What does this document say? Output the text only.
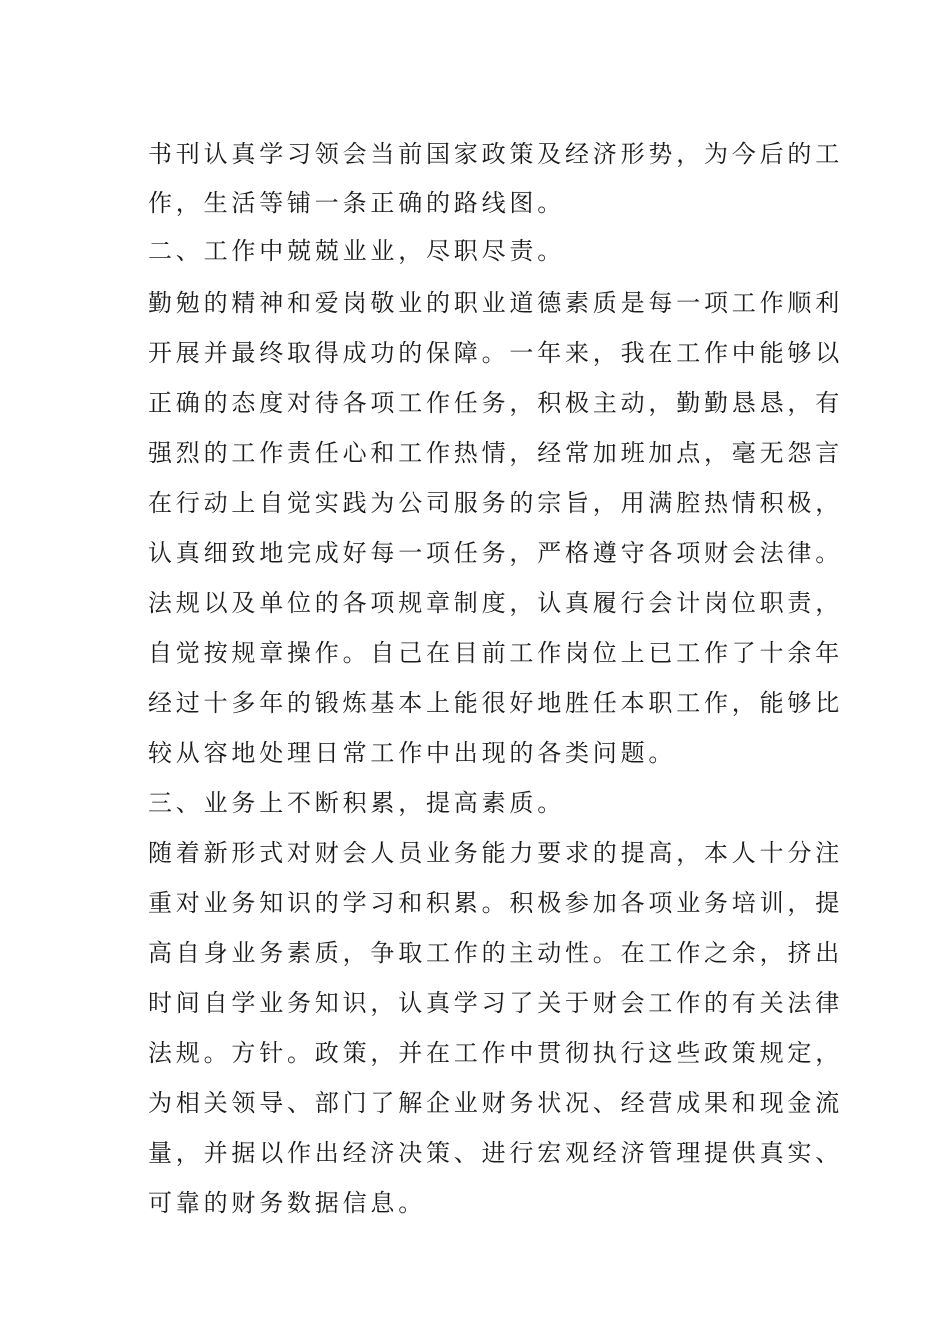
书刊认真学习领会当前国家政策及经济形势，为今后的工
作，生活等铺一条正确的路线图。
二、工作中兢兢业业，尽职尽责。
勤勉的精神和爱岗敬业的职业道德素质是每一项工作顺利
开展并最终取得成功的保障。一年来，我在工作中能够以
正确的态度对待各项工作任务，积极主动，勤勤恳恳，有
强烈的工作责任心和工作热情，经常加班加点，毫无怨言
在行动上自觉实践为公司服务的宗旨，用满腔热情积极，
认真细致地完成好每一项任务，严格遵守各项财会法律。
法规以及单位的各项规章制度，认真履行会计岗位职责，
自觉按规章操作。自己在目前工作岗位上已工作了十余年
经过十多年的锻炼基本上能很好地胜任本职工作，能够比
较从容地处理日常工作中出现的各类问题。
三、业务上不断积累，提高素质。
随着新形式对财会人员业务能力要求的提高，本人十分注
重对业务知识的学习和积累。积极参加各项业务培训，提
高自身业务素质，争取工作的主动性。在工作之余，挤出
时间自学业务知识，认真学习了关于财会工作的有关法律
法规。方针。政策，并在工作中贯彻执行这些政策规定，
为相关领导、部门了解企业财务状况、经营成果和现金流
量，并据以作出经济决策、进行宏观经济管理提供真实、
可靠的财务数据信息。
